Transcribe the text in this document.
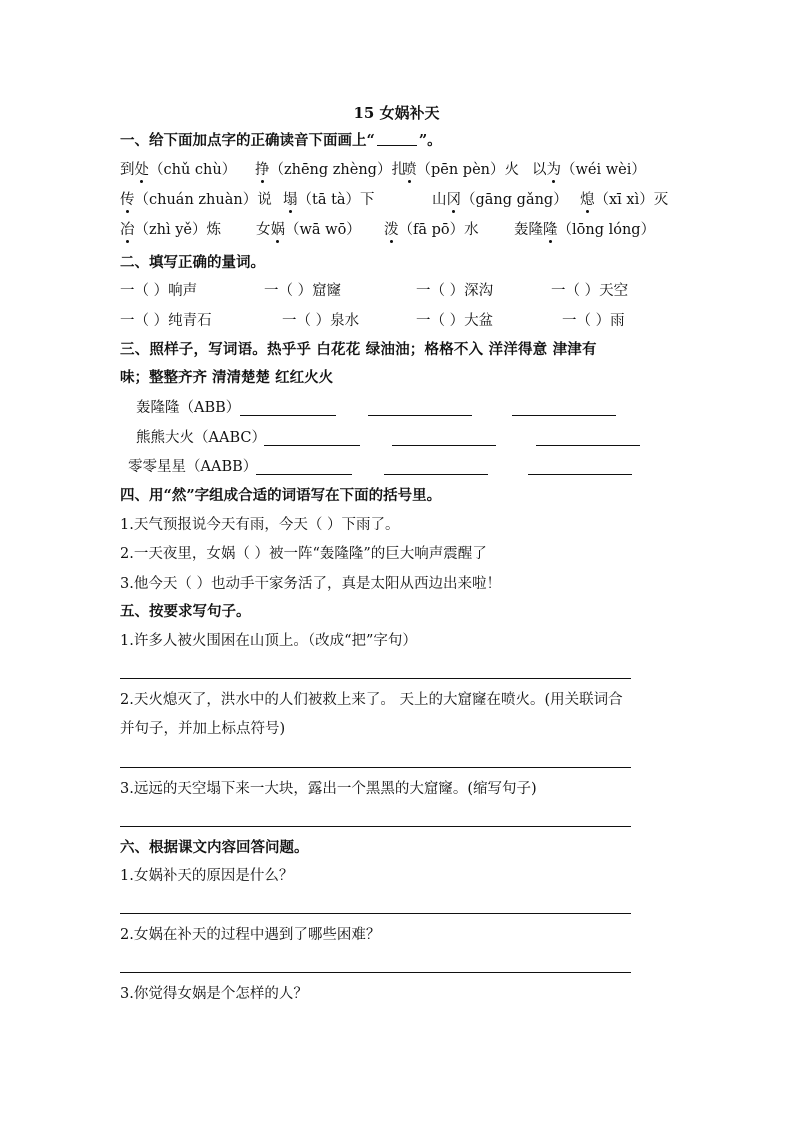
15 女娲补天
一、给下面加点字的正确读音下面画上“	”。
到处（chǔ chù） 挣（zhēng zhèng）扎
喷（pēn pèn）火 以为（wéi wèi）
传（chuán zhuàn）说 塌（tā tà）下	山冈（gāng gǎng） 熄（xī xì）灭
冶（zhì yě）炼 女娲（wā wō） 泼（fā pō）水 轰隆隆（lōng lóng）
二、填写正确的量词。
一（ ）响声	一（ ）窟窿	一（ ）深沟	一（ ）天空
一（ ）纯青石	一（ ）泉水	一（ ）大盆	一（ ）雨
三、照样子，写词语。热乎乎 白花花 绿油油；格格不入 洋洋得意 津津有
味；整整齐齐 清清楚楚 红红火火
轰隆隆（ABB）
熊熊大火（AABC）
零零星星（AABB）
四、用“然”字组成合适的词语写在下面的括号里。
1.天气预报说今天有雨，今天（ ）下雨了。
2.一天夜里，女娲（ ）被一阵“轰隆隆”的巨大响声震醒了
3.他今天（ ）也动手干家务活了，真是太阳从西边出来啦！
五、按要求写句子。
1.许多人被火围困在山顶上。（改成“把”字句）
2.天火熄灭了，洪水中的人们被救上来了。 天上的大窟窿在喷火。(用关联词合
并句子，并加上标点符号)
3.远远的天空塌下来一大块，露出一个黑黑的大窟窿。(缩写句子)
六、根据课文内容回答问题。
1.女娲补天的原因是什么？
2.女娲在补天的过程中遇到了哪些困难？
3.你觉得女娲是个怎样的人？
